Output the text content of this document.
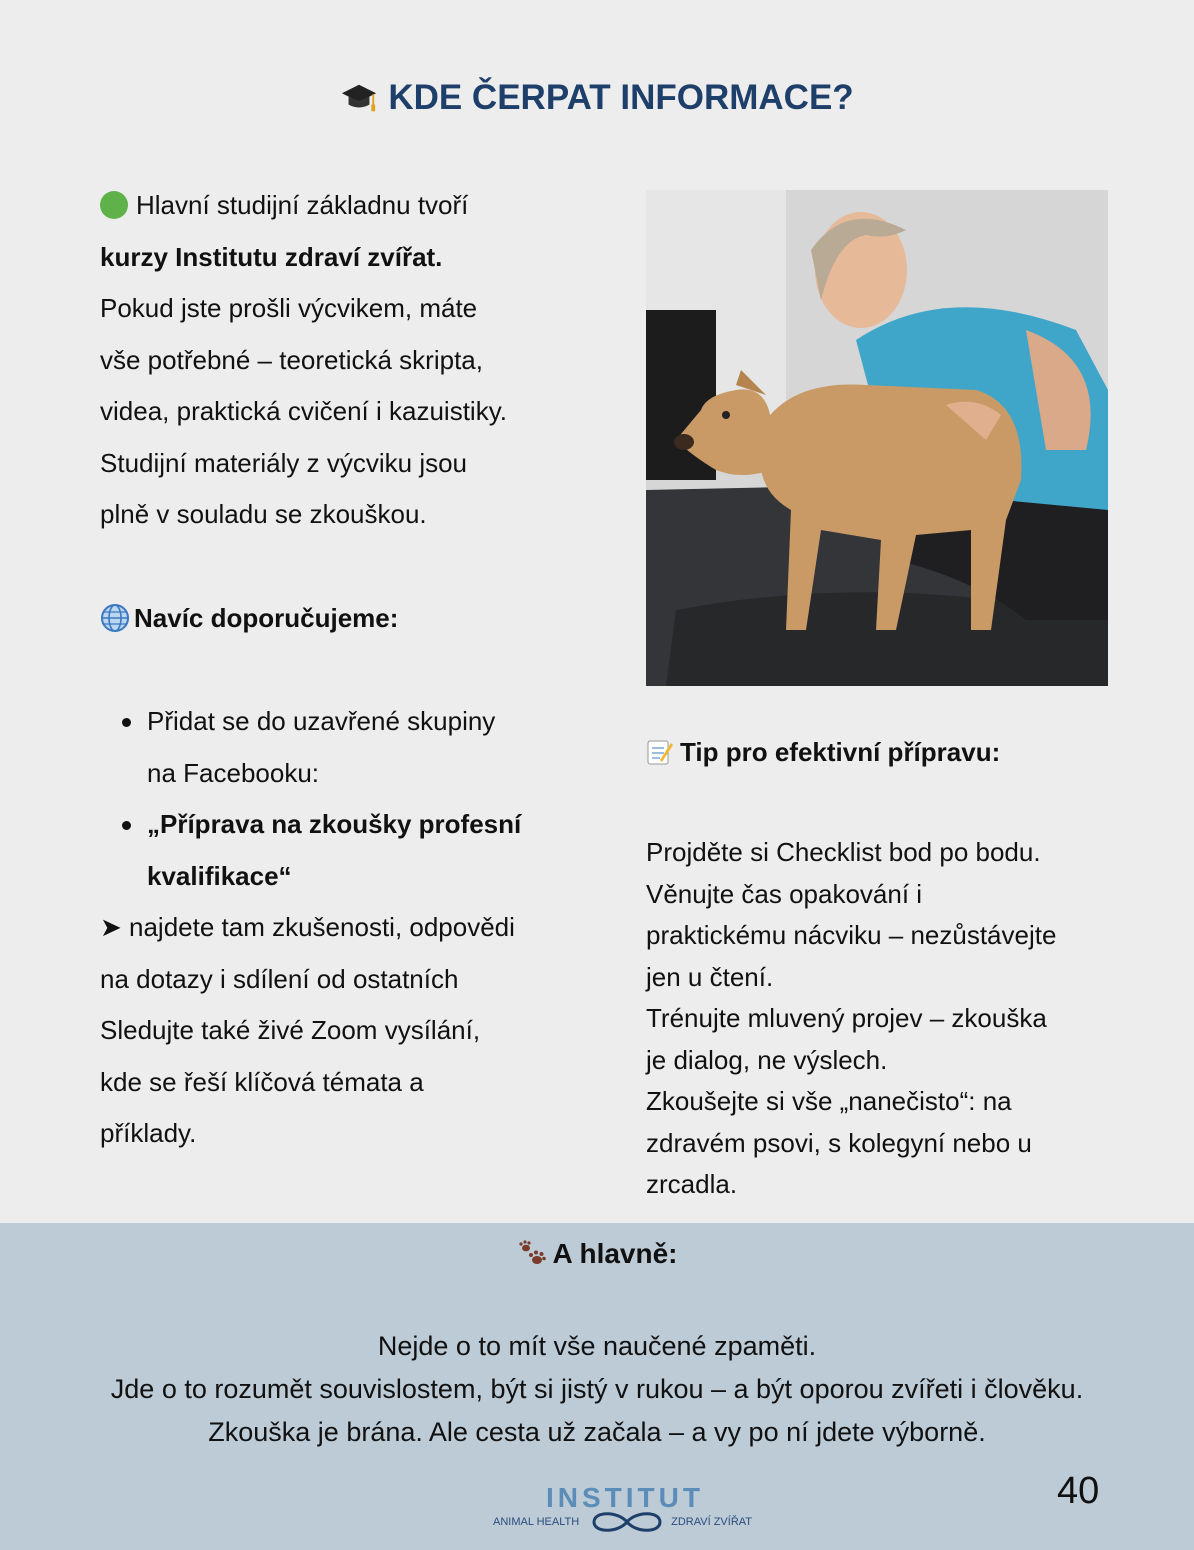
KDE ČERPAT INFORMACE?

Hlavní studijní základnu tvoří

kurzy Institutu zdraví zvířat.

Pokud jste prošli výcvikem, máte

vše potřebné – teoretická skripta,

videa, praktická cvičení i kazuistiky.

Studijní materiály z výcviku jsou

plně v souladu se zkouškou.

Navíc doporučujeme:

Přidat se do uzavřené skupiny
na Facebooku:
„Příprava na zkoušky profesní
kvalifikace“

➤ najdete tam zkušenosti, odpovědi

na dotazy i sdílení od ostatních

Sledujte také živé Zoom vysílání,

kde se řeší klíčová témata a

příklady.

Tip pro efektivní přípravu:

Projděte si Checklist bod po bodu.

Věnujte čas opakování i

praktickému nácviku – nezůstávejte

jen u čtení.

Trénujte mluvený projev – zkouška

je dialog, ne výslech.

Zkoušejte si vše „nanečisto“: na

zdravém psovi, s kolegyní nebo u

zrcadla.

A hlavně:

Nejde o to mít vše naučené zpaměti.

Jde o to rozumět souvislostem, být si jistý v rukou – a být oporou zvířeti i člověku.

Zkouška je brána. Ale cesta už začala – a vy po ní jdete výborně.

INSTITUT
ANIMAL HEALTH	ZDRAVÍ ZVÍŘAT
40
